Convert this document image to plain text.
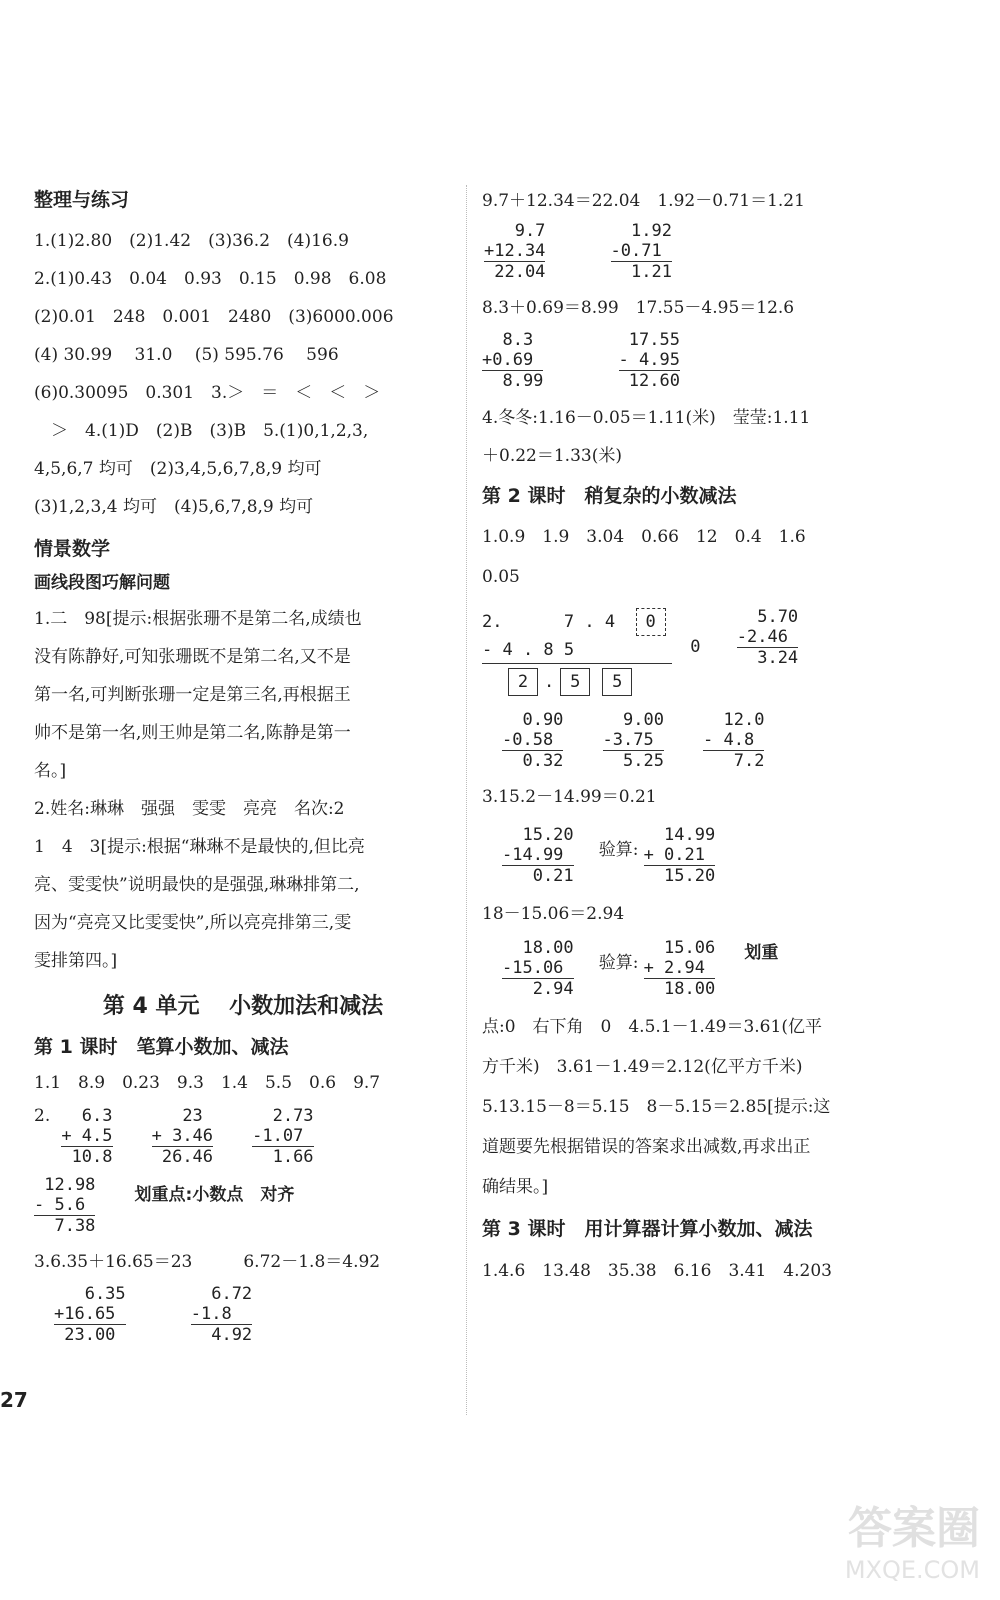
整理与练习
1.(1)2.80　(2)1.42　(3)36.2　(4)16.9
2.(1)0.43　0.04　0.93　0.15　0.98　6.08
(2)0.01　248　0.001　2480　(3)6000.006
(4) 30.99　 31.0　 (5) 595.76　 596
(6)0.30095　0.301　3.＞　＝　＜　＜　＞
　＞　4.(1)D　(2)B　(3)B　5.(1)0,1,2,3,
4,5,6,7 均可　(2)3,4,5,6,7,8,9 均可
(3)1,2,3,4 均可　(4)5,6,7,8,9 均可
情景数学
画线段图巧解问题
1.二　98[提示:根据张珊不是第二名,成绩也
没有陈静好,可知张珊既不是第二名,又不是
第一名,可判断张珊一定是第三名,再根据王
帅不是第一名,则王帅是第二名,陈静是第一
名。]
2.姓名:琳琳　强强　雯雯　亮亮　名次:2
1　4　3[提示:根据“琳琳不是最快的,但比亮
亮、雯雯快”说明最快的是强强,琳琳排第二,
因为“亮亮又比雯雯快”,所以亮亮排第三,雯
雯排第四。]
第 4 单元　 小数加法和减法
第 1 课时　笔算小数加、减法
1.1　8.9　0.23　9.3　1.4　5.5　0.6　9.7
2. 6.3
+ 4.5
10.8

23
+ 3.46
26.46

2.73
-1.07
1.66
12.98
- 5.6
7.38
划重点:小数点　对齐
3.6.35＋16.65＝23　　　6.72－1.8＝4.92
6.35
+16.65
23.00

6.72
-1.8
4.92
9.7＋12.34＝22.04　1.92－0.71＝1.21
9.7
+12.34
22.04

1.92
-0.71
1.21
8.3＋0.69＝8.99　17.55－4.95＝12.6
8.3
+0.69
8.99

17.55
- 4.95
12.60
4.冬冬:1.16－0.05＝1.11(米)　莹莹:1.11
＋0.22＝1.33(米)
第 2 课时　稍复杂的小数减法
1.0.9　1.9　3.04　0.66　12　0.4　1.6
0.05
2.	7 . 4 0
- 4 . 8 5
2 . 5 5
0
5.70
-2.46
3.24
0.90
-0.58
0.32

9.00
-3.75
5.25

12.0
- 4.8
7.2
3.15.2－14.99＝0.21
15.20
-14.99
0.21
验算:
14.99
+ 0.21
15.20
18－15.06＝2.94
18.00
-15.06
2.94
验算:
15.06
+ 2.94
18.00
划重
点:0　右下角　0　4.5.1－1.49＝3.61(亿平
方千米)　3.61－1.49＝2.12(亿平方千米)
5.13.15－8＝5.15　8－5.15＝2.85[提示:这
道题要先根据错误的答案求出减数,再求出正
确结果。]
第 3 课时　用计算器计算小数加、减法
1.4.6　13.48　35.38　6.16　3.41　4.203
27
答案圈
MXQE.COM
